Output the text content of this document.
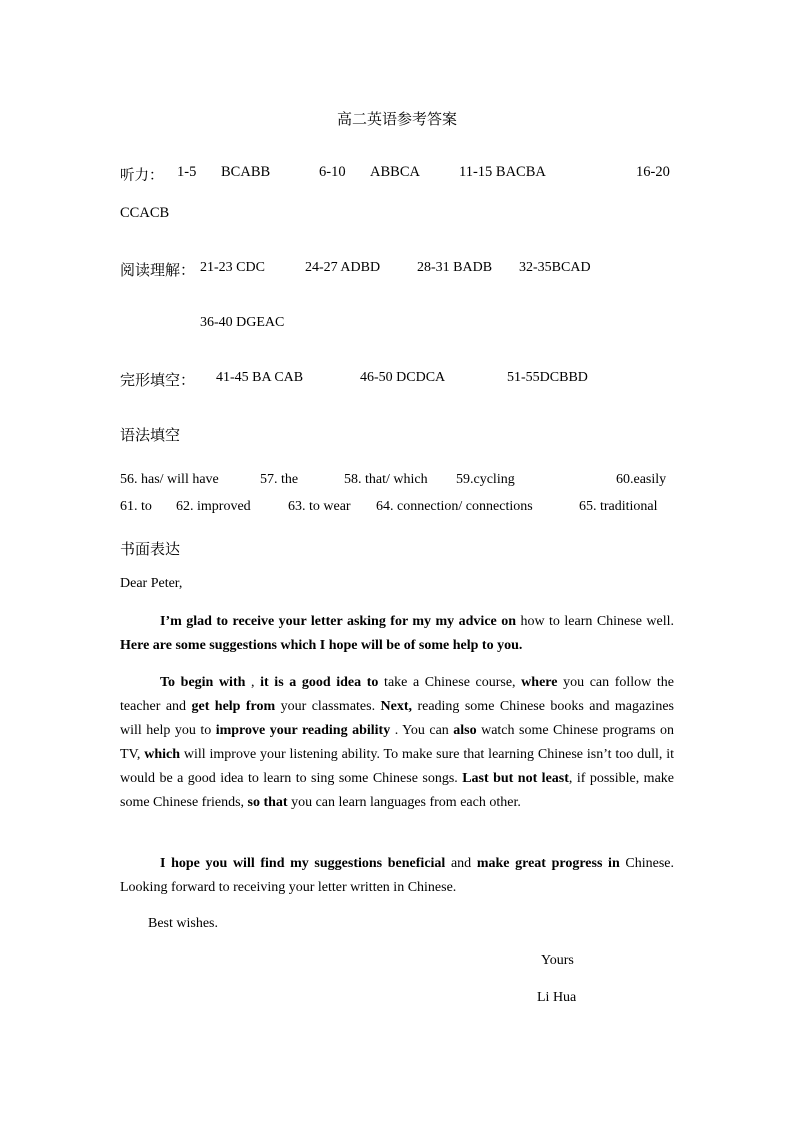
高二英语参考答案
听力： 1-5 BCABB	6-10 ABBCA	11-15 BACBA	16-20
CCACB
阅读理解： 21-23 CDC	24-27 ADBD	28-31 BADB 32-35BCAD
36-40 DGEAC
完形填空： 41-45 BA CAB	46-50 DCDCA	51-55DCBBD
语法填空
56. has/ will have	57. the	58. that/ which 59.cycling	60.easily
61. to 62. improved	63. to wear 64. connection/ connections	65. traditional
书面表达
Dear Peter,
I’m glad to receive your letter asking for my my advice on how to learn Chinese well. Here are some suggestions which I hope will be of some help to you.
To begin with , it is a good idea to take a Chinese course, where you can follow the teacher and get help from your classmates. Next, reading some Chinese books and magazines will help you to improve your reading ability . You can also watch some Chinese programs on TV, which will improve your listening ability. To make sure that learning Chinese isn’t too dull, it would be a good idea to learn to sing some Chinese songs. Last but not least, if possible, make some Chinese friends, so that you can learn languages from each other.
I hope you will find my suggestions beneficial and make great progress in Chinese. Looking forward to receiving your letter written in Chinese.
Best wishes.
Yours
Li Hua
